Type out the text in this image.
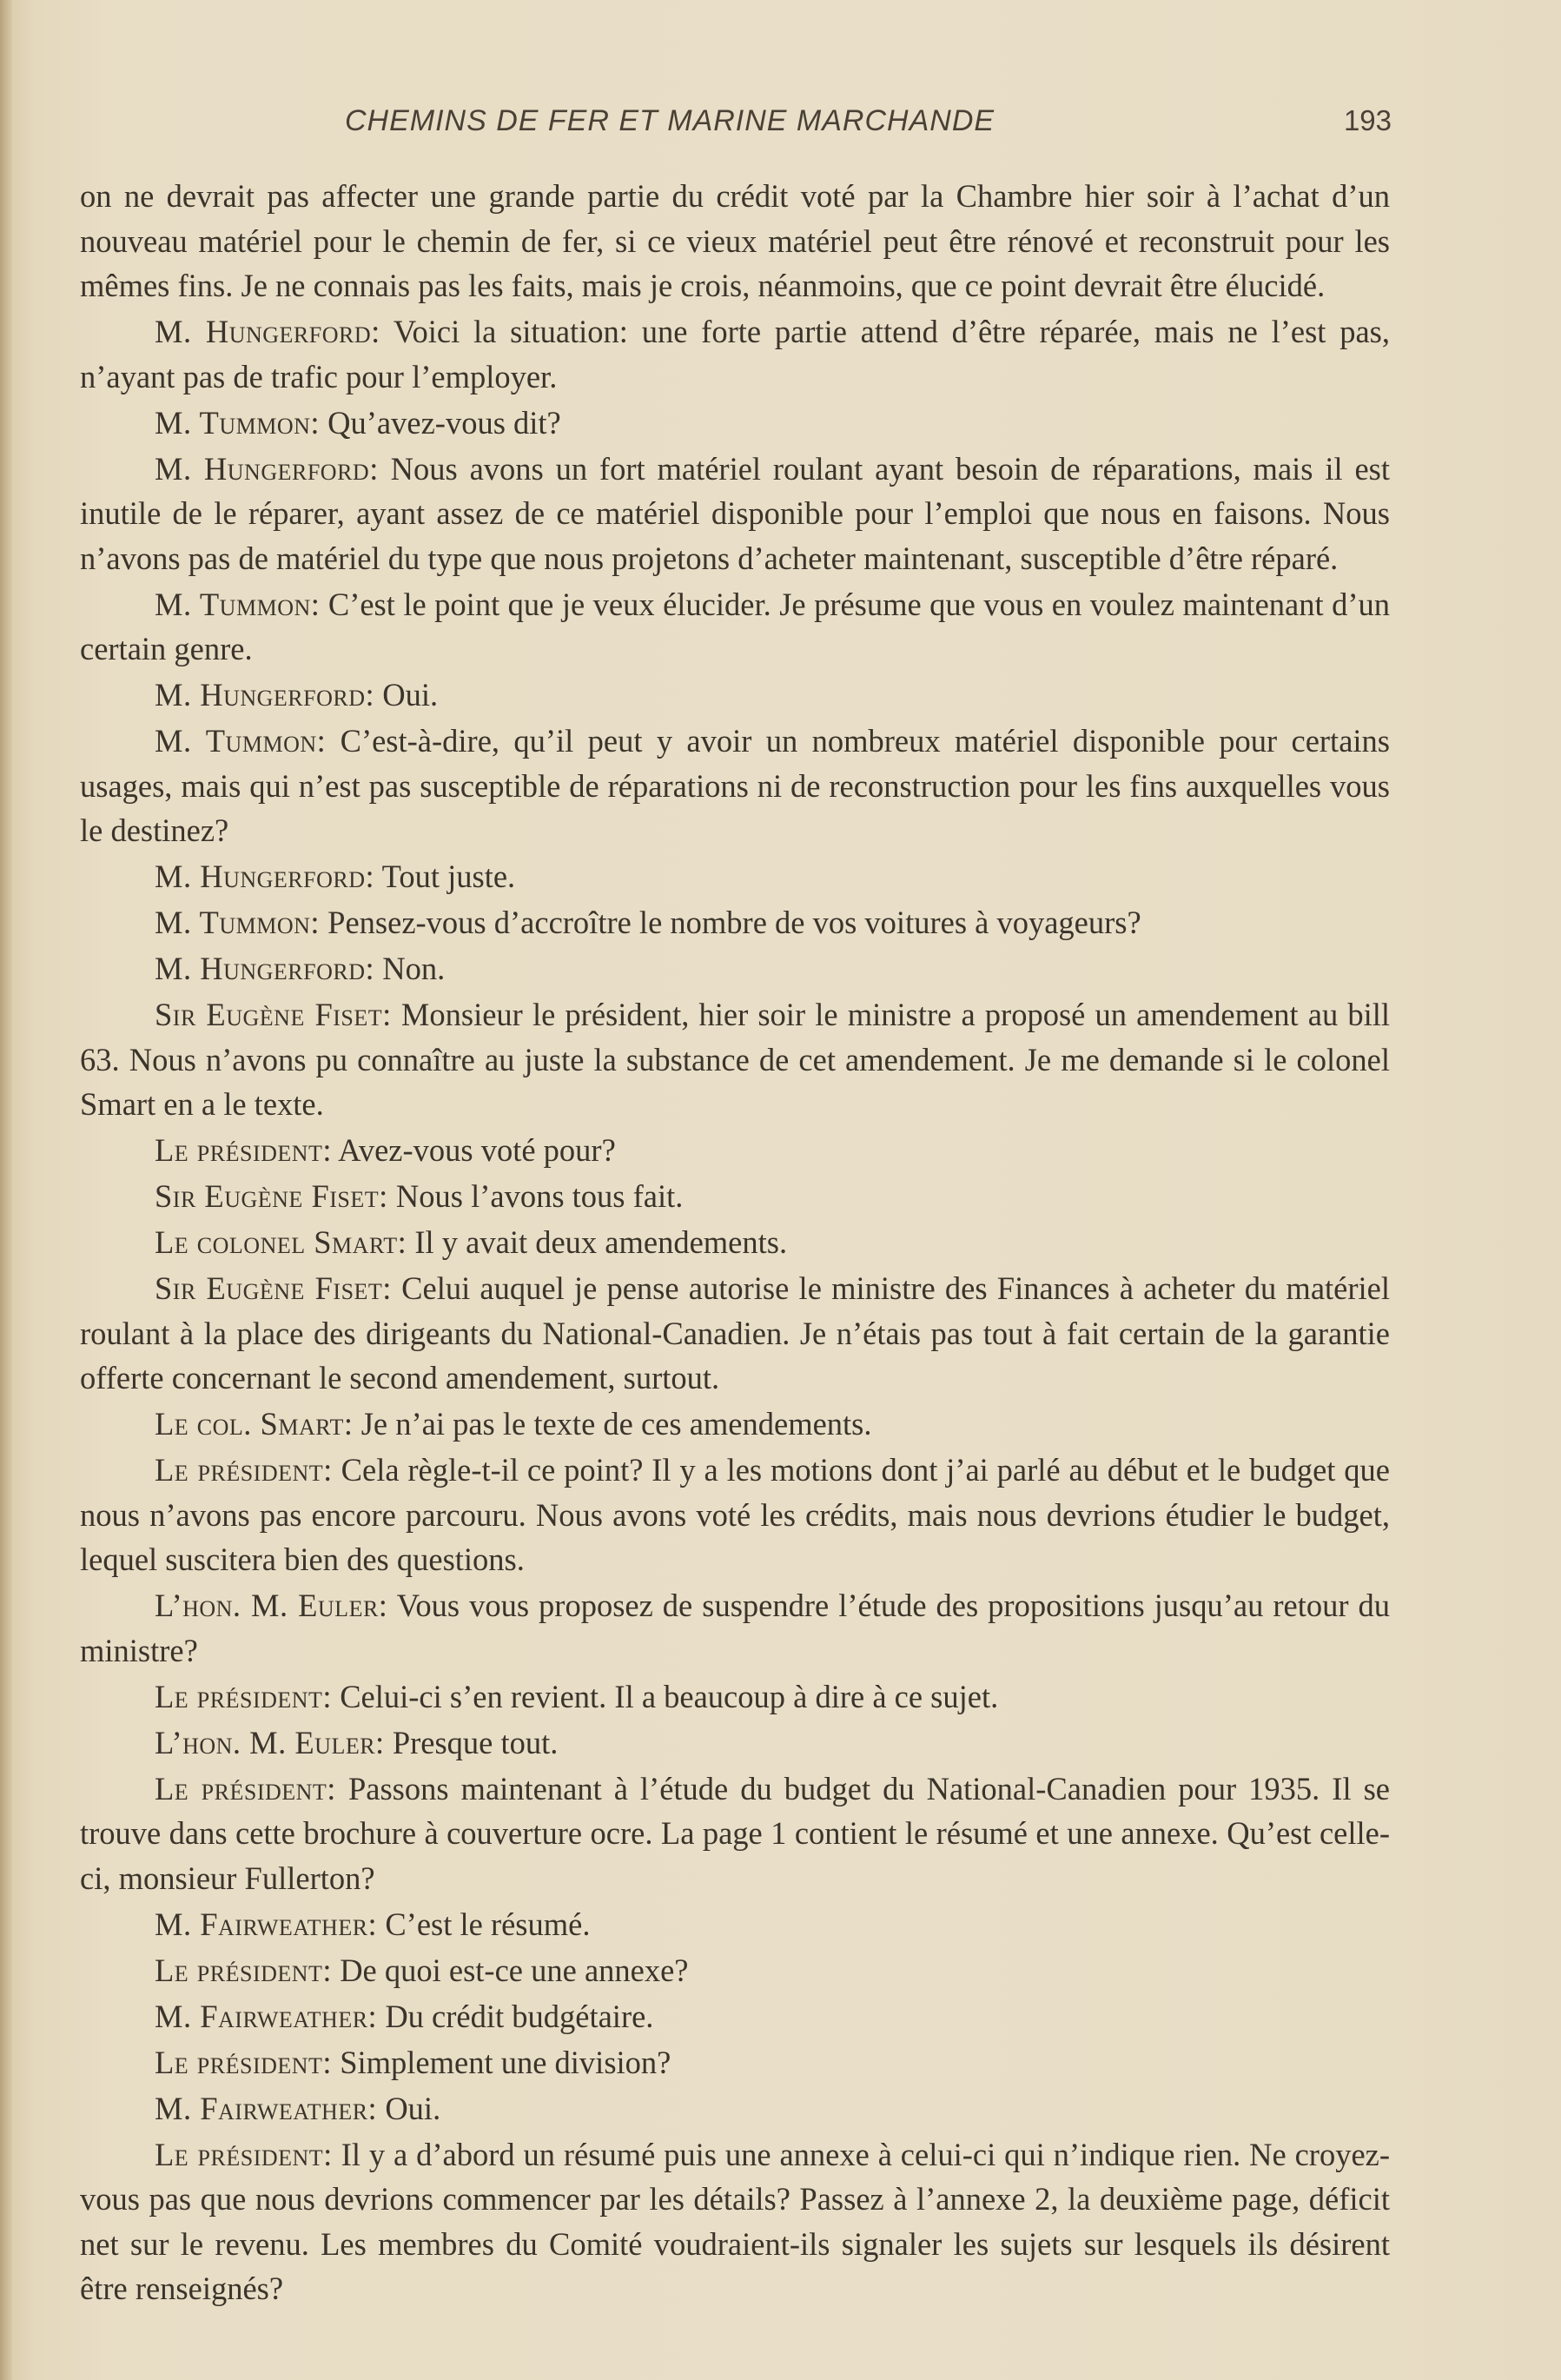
CHEMINS DE FER ET MARINE MARCHANDE	193

on ne devrait pas affecter une grande partie du crédit voté par la Chambre hier soir à l’achat d’un nouveau matériel pour le chemin de fer, si ce vieux matériel peut être rénové et reconstruit pour les mêmes fins. Je ne connais pas les faits, mais je crois, néanmoins, que ce point devrait être élucidé.

M. Hungerford: Voici la situation: une forte partie attend d’être réparée, mais ne l’est pas, n’ayant pas de trafic pour l’employer.

M. Tummon: Qu’avez-vous dit?

M. Hungerford: Nous avons un fort matériel roulant ayant besoin de réparations, mais il est inutile de le réparer, ayant assez de ce matériel disponible pour l’emploi que nous en faisons. Nous n’avons pas de matériel du type que nous projetons d’acheter maintenant, susceptible d’être réparé.

M. Tummon: C’est le point que je veux élucider. Je présume que vous en voulez maintenant d’un certain genre.

M. Hungerford: Oui.

M. Tummon: C’est-à-dire, qu’il peut y avoir un nombreux matériel disponible pour certains usages, mais qui n’est pas susceptible de réparations ni de reconstruction pour les fins auxquelles vous le destinez?

M. Hungerford: Tout juste.

M. Tummon: Pensez-vous d’accroître le nombre de vos voitures à voyageurs?

M. Hungerford: Non.

Sir Eugène Fiset: Monsieur le président, hier soir le ministre a proposé un amendement au bill 63. Nous n’avons pu connaître au juste la substance de cet amendement. Je me demande si le colonel Smart en a le texte.

Le président: Avez-vous voté pour?

Sir Eugène Fiset: Nous l’avons tous fait.

Le colonel Smart: Il y avait deux amendements.

Sir Eugène Fiset: Celui auquel je pense autorise le ministre des Finances à acheter du matériel roulant à la place des dirigeants du National-Canadien. Je n’étais pas tout à fait certain de la garantie offerte concernant le second amendement, surtout.

Le col. Smart: Je n’ai pas le texte de ces amendements.

Le président: Cela règle-t-il ce point? Il y a les motions dont j’ai parlé au début et le budget que nous n’avons pas encore parcouru. Nous avons voté les crédits, mais nous devrions étudier le budget, lequel suscitera bien des questions.

L’hon. M. Euler: Vous vous proposez de suspendre l’étude des propositions jusqu’au retour du ministre?

Le président: Celui-ci s’en revient. Il a beaucoup à dire à ce sujet.

L’hon. M. Euler: Presque tout.

Le président: Passons maintenant à l’étude du budget du National-Canadien pour 1935. Il se trouve dans cette brochure à couverture ocre. La page 1 contient le résumé et une annexe. Qu’est celle-ci, monsieur Fullerton?

M. Fairweather: C’est le résumé.

Le président: De quoi est-ce une annexe?

M. Fairweather: Du crédit budgétaire.

Le président: Simplement une division?

M. Fairweather: Oui.

Le président: Il y a d’abord un résumé puis une annexe à celui-ci qui n’indique rien. Ne croyez-vous pas que nous devrions commencer par les détails? Passez à l’annexe 2, la deuxième page, déficit net sur le revenu. Les membres du Comité voudraient-ils signaler les sujets sur lesquels ils désirent être renseignés?
